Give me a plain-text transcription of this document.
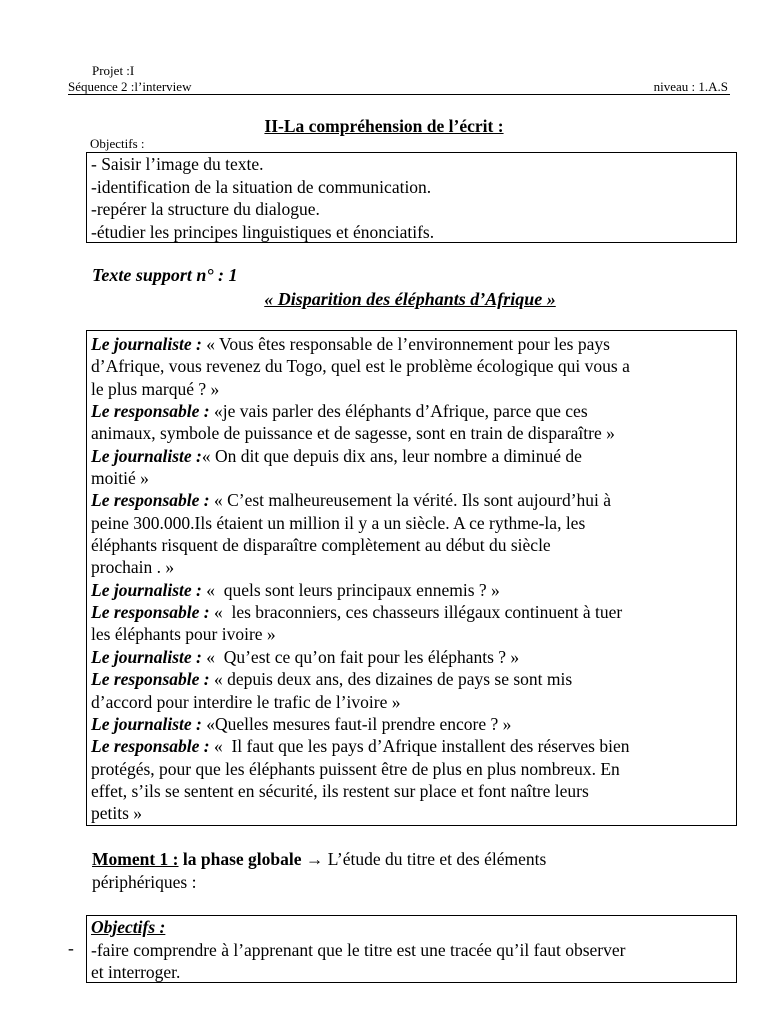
Projet :I
Séquence 2 :l’interview	niveau : 1.A.S
II-La compréhension de l’écrit :
Objectifs :
- Saisir l’image du texte.
-identification de la situation de communication.
-repérer la structure du dialogue.
-étudier les principes linguistiques et énonciatifs.
Texte support n° : 1
« Disparition des éléphants d’Afrique »
Le journaliste : « Vous êtes responsable de l’environnement pour les pays
d’Afrique, vous revenez du Togo, quel est le problème écologique qui vous a
le plus marqué ? »
Le responsable : «je vais parler des éléphants d’Afrique, parce que ces
animaux, symbole de puissance et de sagesse, sont en train de disparaître »
Le journaliste :« On dit que depuis dix ans, leur nombre a diminué de
moitié »
Le responsable : « C’est malheureusement la vérité. Ils sont aujourd’hui à
peine 300.000.Ils étaient un million il y a un siècle. A ce rythme-la, les
éléphants risquent de disparaître complètement au début du siècle
prochain . »
Le journaliste : «  quels sont leurs principaux ennemis ? »
Le responsable : «  les braconniers, ces chasseurs illégaux continuent à tuer
les éléphants pour ivoire »
Le journaliste : «  Qu’est ce qu’on fait pour les éléphants ? »
Le responsable : « depuis deux ans, des dizaines de pays se sont mis
d’accord pour interdire le trafic de l’ivoire »
Le journaliste : «Quelles mesures faut-il prendre encore ? »
Le responsable : «  Il faut que les pays d’Afrique installent des réserves bien
protégés, pour que les éléphants puissent être de plus en plus nombreux. En
effet, s’ils se sentent en sécurité, ils restent sur place et font naître leurs
petits »
Moment 1 : la phase globale → L’étude du titre et des éléments
périphériques :
-
Objectifs :
-faire comprendre à l’apprenant que le titre est une tracée qu’il faut observer
et interroger.
